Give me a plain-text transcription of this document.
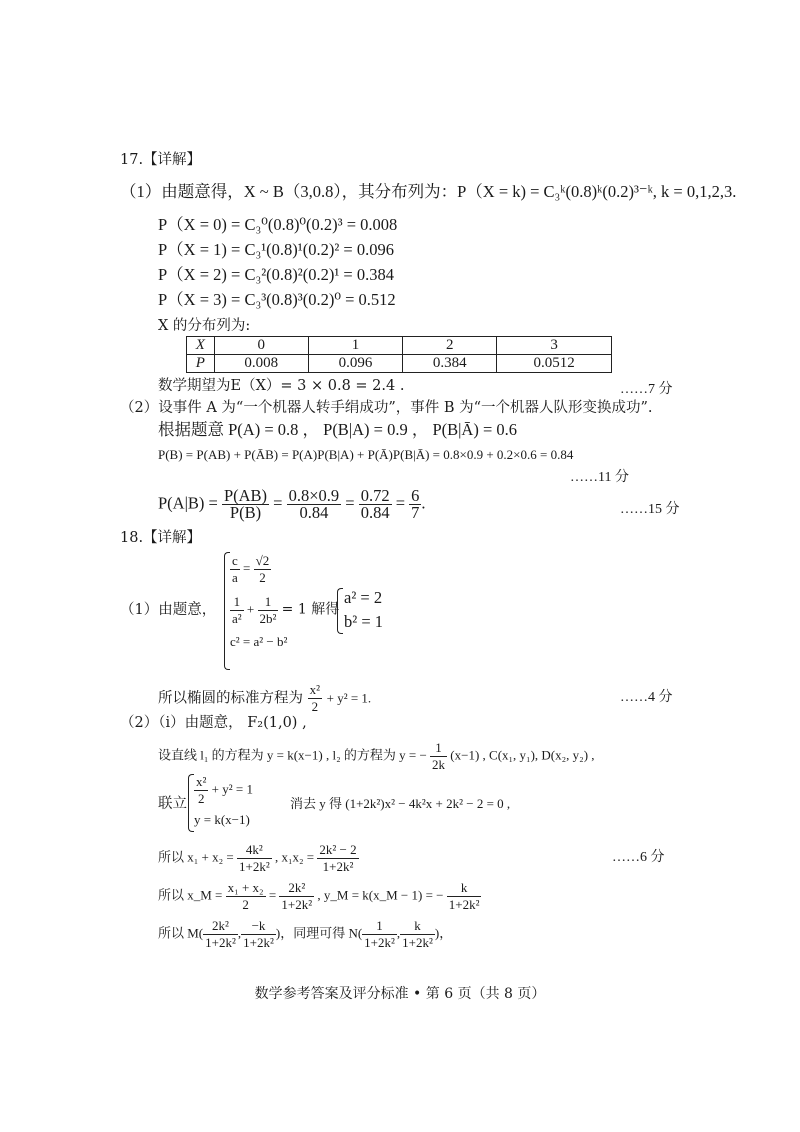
17.【详解】
（1）由题意得，X ~ B（3,0.8），其分布列为：P（X = k) = C₃ᵏ(0.8)ᵏ(0.2)³⁻ᵏ, k = 0,1,2,3.
P（X = 0) = C₃⁰(0.8)⁰(0.2)³ = 0.008
P（X = 1) = C₃¹(0.8)¹(0.2)² = 0.096
P（X = 2) = C₃²(0.8)²(0.2)¹ = 0.384
P（X = 3) = C₃³(0.8)³(0.2)⁰ = 0.512
X 的分布列为:
X	0	1	2	3
P	0.008	0.096	0.384	0.0512
数学期望为E（X）= 3 × 0.8 = 2.4 .	……7 分
（2）设事件 A 为“一个机器人转手绢成功”，事件 B 为“一个机器人队形变换成功”.
根据题意 P(A) = 0.8 ， P(B|A) = 0.9 ， P(B|Ā) = 0.6
P(B) = P(AB) + P(ĀB) = P(A)P(B|A) + P(Ā)P(B|Ā) = 0.8×0.9 + 0.2×0.6 = 0.84
……11 分
$P(A|B) = \frac{P(AB)}{P(B)} = \frac{0.8\times 0.9}{0.84} = \frac{0.72}{0.84} = \frac{6}{7}$ .	……15 分
18.【详解】
（1）由题意，
$\frac{c}{a} = \frac{√2}{2}$
$\frac{1}{\text{a²}} + \frac{1}{\text{2b²}} = 1$ 解得
c² = a² − b²
a² = 2
b² = 1
所以椭圆的标准方程为 $\frac{\text{x²}}{2} + y^2 = 1$.	……4 分
（2）（ⅰ）由题意， F₂(1,0) ,
设直线 l₁ 的方程为 y = k(x−1) , l₂ 的方程为 y = − $\frac{1}{2k} (x-1)$ , C(x₁, y₁), D(x₂, y₂) ,
联立 $\frac{\text{x²}}{2} + y^2 = 1$
y = k(x−1)
消去 y 得 (1+2k²)x² − 4k²x + 2k² − 2 = 0 ,
所以 $x_1 + x_2 = \frac{\text{4k²}}{\text{1+2k²}}$ , $x_1x_2 = \frac{\text{2k² − 2}}{\text{1+2k²}}$	……6 分
所以 x_M = $\frac{\text{x₁ + x₂}}{2} = \frac{\text{2k²}}{\text{1+2k²}}$ , y_M = k(x_M − 1) = − $\frac{k}{\text{1+2k²}}$
所以 $M( \frac{\text{2k²}}{\text{1+2k²}}$ , $\frac{-k}{\text{1+2k²}}$ )，同理可得 $N( \frac{1}{\text{1+2k²}}$ , $\frac{k}{\text{1+2k²}}$ )，
数学参考答案及评分标准 • 第 6 页（共 8 页）
